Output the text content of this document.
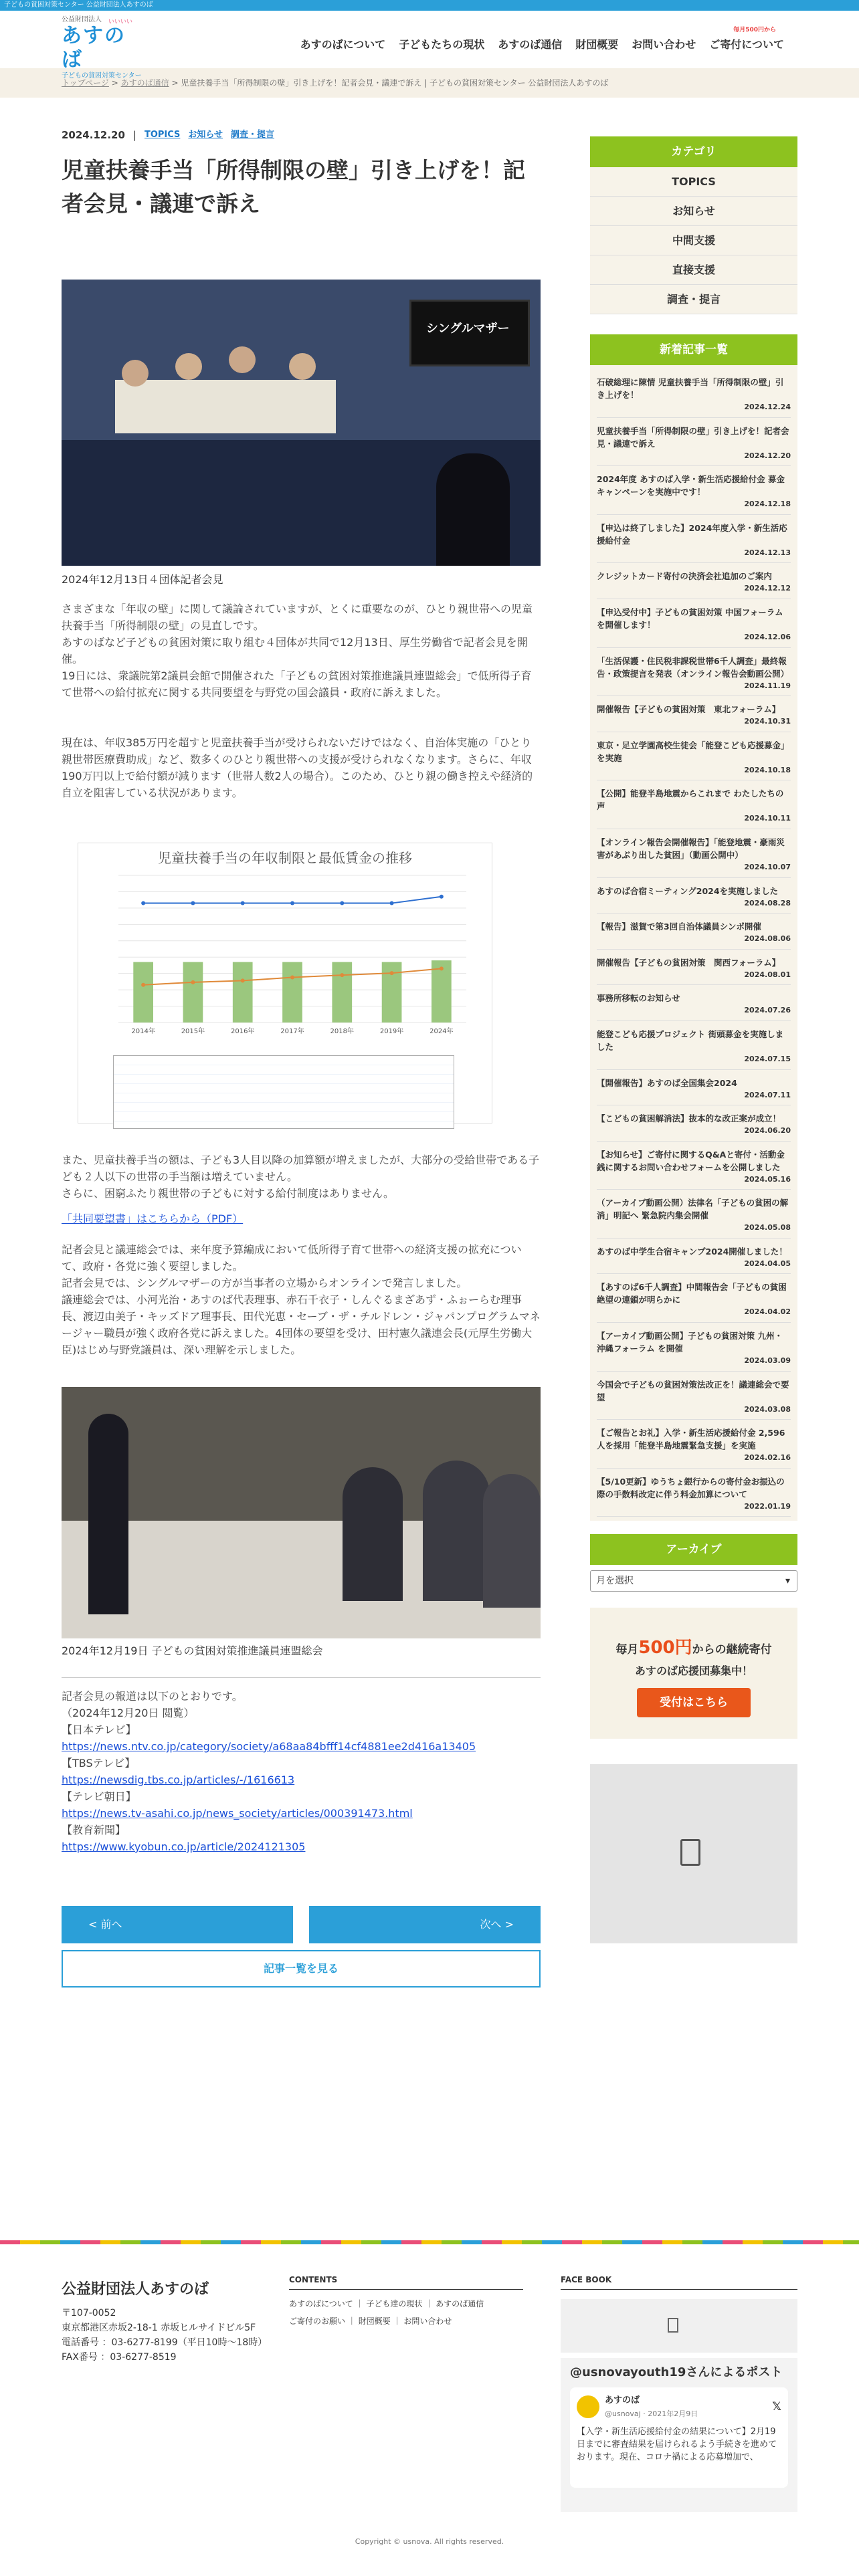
子どもの貧困対策センター 公益財団法人あすのば
公益財団法人	いいいい
あすのば
子どもの貧困対策センター
毎月500円から
あすのばについて 子どもたちの現状 あすのば通信 財団概要 お問い合わせ ご寄付について
トップページ > あすのば通信 > 児童扶養手当「所得制限の壁」引き上げを！記者会見・議連で訴え | 子どもの貧困対策センター 公益財団法人あすのば
2024.12.20 | TOPICS お知らせ 調査・提言
児童扶養手当「所得制限の壁」引き上げを！記者会見・議連で訴え
シングルマザー
2024年12月13日４団体記者会見
さまざまな「年収の壁」に関して議論されていますが、とくに重要なのが、ひとり親世帯への児童扶養手当「所得制限の壁」の見直しです。
あすのばなど子どもの貧困対策に取り組む４団体が共同で12月13日、厚生労働省で記者会見を開催。
19日には、衆議院第2議員会館で開催された「子どもの貧困対策推進議員連盟総会」で低所得子育て世帯への給付拡充に関する共同要望を与野党の国会議員・政府に訴えました。
現在は、年収385万円を超すと児童扶養手当が受けられないだけではなく、自治体実施の「ひとり親世帯医療費助成」など、数多くのひとり親世帯への支援が受けられなくなります。さらに、年収190万円以上で給付額が減ります（世帯人数2人の場合）。このため、ひとり親の働き控えや経済的自立を阻害している状況があります。
児童扶養手当の年収制限と最低賃金の推移
2014年	2015年	2016年	2017年	2018年	2019年	2024年
また、児童扶養手当の額は、子ども3人目以降の加算額が増えましたが、大部分の受給世帯である子ども２人以下の世帯の手当額は増えていません。
さらに、困窮ふたり親世帯の子どもに対する給付制度はありません。
「共同要望書」はこちらから（PDF）
記者会見と議連総会では、来年度予算編成において低所得子育て世帯への経済支援の拡充について、政府・各党に強く要望しました。
記者会見では、シングルマザーの方が当事者の立場からオンラインで発言しました。
議連総会では、小河光治・あすのば代表理事、赤石千衣子・しんぐるまざあず・ふぉーらむ理事長、渡辺由美子・キッズドア理事長、田代光恵・セーブ・ザ・チルドレン・ジャパンプログラムマネージャー職員が強く政府各党に訴えました。4団体の要望を受け、田村憲久議連会長(元厚生労働大臣)はじめ与野党議員は、深い理解を示しました。
2024年12月19日 子どもの貧困対策推進議員連盟総会
記者会見の報道は以下のとおりです。
（2024年12月20日 閲覧）
【日本テレビ】
https://news.ntv.co.jp/category/society/a68aa84bfff14cf4881ee2d416a13405
【TBSテレビ】
https://newsdig.tbs.co.jp/articles/-/1616613
【テレビ朝日】
https://news.tv-asahi.co.jp/news_society/articles/000391473.html
【教育新聞】
https://www.kyobun.co.jp/article/2024121305
< 前へ	次へ >
記事一覧を見る
カテゴリ
TOPICS
お知らせ
中間支援
直接支援
調査・提言
新着記事一覧
石破総理に陳情 児童扶養手当「所得制限の壁」引き上げを！
2024.12.24
児童扶養手当「所得制限の壁」引き上げを！記者会見・議連で訴え
2024.12.20
2024年度 あすのば入学・新生活応援給付金 募金キャンペーンを実施中です！
2024.12.18
【申込は終了しました】2024年度入学・新生活応援給付金
2024.12.13
クレジットカード寄付の決済会社追加のご案内
2024.12.12
【申込受付中】子どもの貧困対策 中国フォーラムを開催します！
2024.12.06
「生活保護・住民税非課税世帯6千人調査」最終報告・政策提言を発表（オンライン報告会動画公開）
2024.11.19
開催報告【子どもの貧困対策　東北フォーラム】
2024.10.31
東京・足立学園高校生徒会「能登こども応援募金」を実施
2024.10.18
【公開】能登半島地震からこれまで わたしたちの声
2024.10.11
【オンライン報告会開催報告】「能登地震・豪雨災害があぶり出した貧困」（動画公開中）
2024.10.07
あすのば合宿ミーティング2024を実施しました
2024.08.28
【報告】滋賀で第3回自治体議員シンポ開催
2024.08.06
開催報告【子どもの貧困対策　関西フォーラム】
2024.08.01
事務所移転のお知らせ
2024.07.26
能登こども応援プロジェクト 街頭募金を実施しました
2024.07.15
【開催報告】あすのば全国集会2024
2024.07.11
【こどもの貧困解消法】抜本的な改正案が成立！
2024.06.20
【お知らせ】ご寄付に関するQ&Aと寄付・活動金銭に関するお問い合わせフォームを公開しました
2024.05.16
（アーカイブ動画公開）法律名「子どもの貧困の解消」明記へ 緊急院内集会開催
2024.05.08
あすのば中学生合宿キャンプ2024開催しました！
2024.04.05
【あすのば6千人調査】中間報告会「子どもの貧困 絶望の連鎖が明らかに
2024.04.02
【アーカイブ動画公開】子どもの貧困対策 九州・沖縄フォーラム を開催
2024.03.09
今国会で子どもの貧困対策法改正を！議連総会で要望
2024.03.08
【ご報告とお礼】入学・新生活応援給付金 2,596人を採用「能登半島地震緊急支援」を実施
2024.02.16
【5/10更新】ゆうちょ銀行からの寄付金お振込の際の手数料改定に伴う料金加算について
2022.01.19
アーカイブ
月を選択	▾
毎月500円からの継続寄付
あすのば応援団募集中！
受付はこちら
公益財団法人あすのば
〒107-0052
東京都港区赤坂2-18-1 赤坂ヒルサイドビル5F
電話番号 ：03-6277-8199（平日10時〜18時）
FAX番号 ：03-6277-8519
CONTENTS
あすのばについて ｜ 子ども達の現状 ｜ あすのば通信
ご寄付のお願い ｜ 財団概要 ｜ お問い合わせ
FACE BOOK
@usnovayouth19さんによるポスト
あすのば
@usnovaj · 2021年2月9日
𝕏
【入学・新生活応援給付金の結果について】2月19日までに審査結果を届けられるよう手続きを進めております。現在、コロナ禍による応募増加で、
Copyright © usnova. All rights reserved.
